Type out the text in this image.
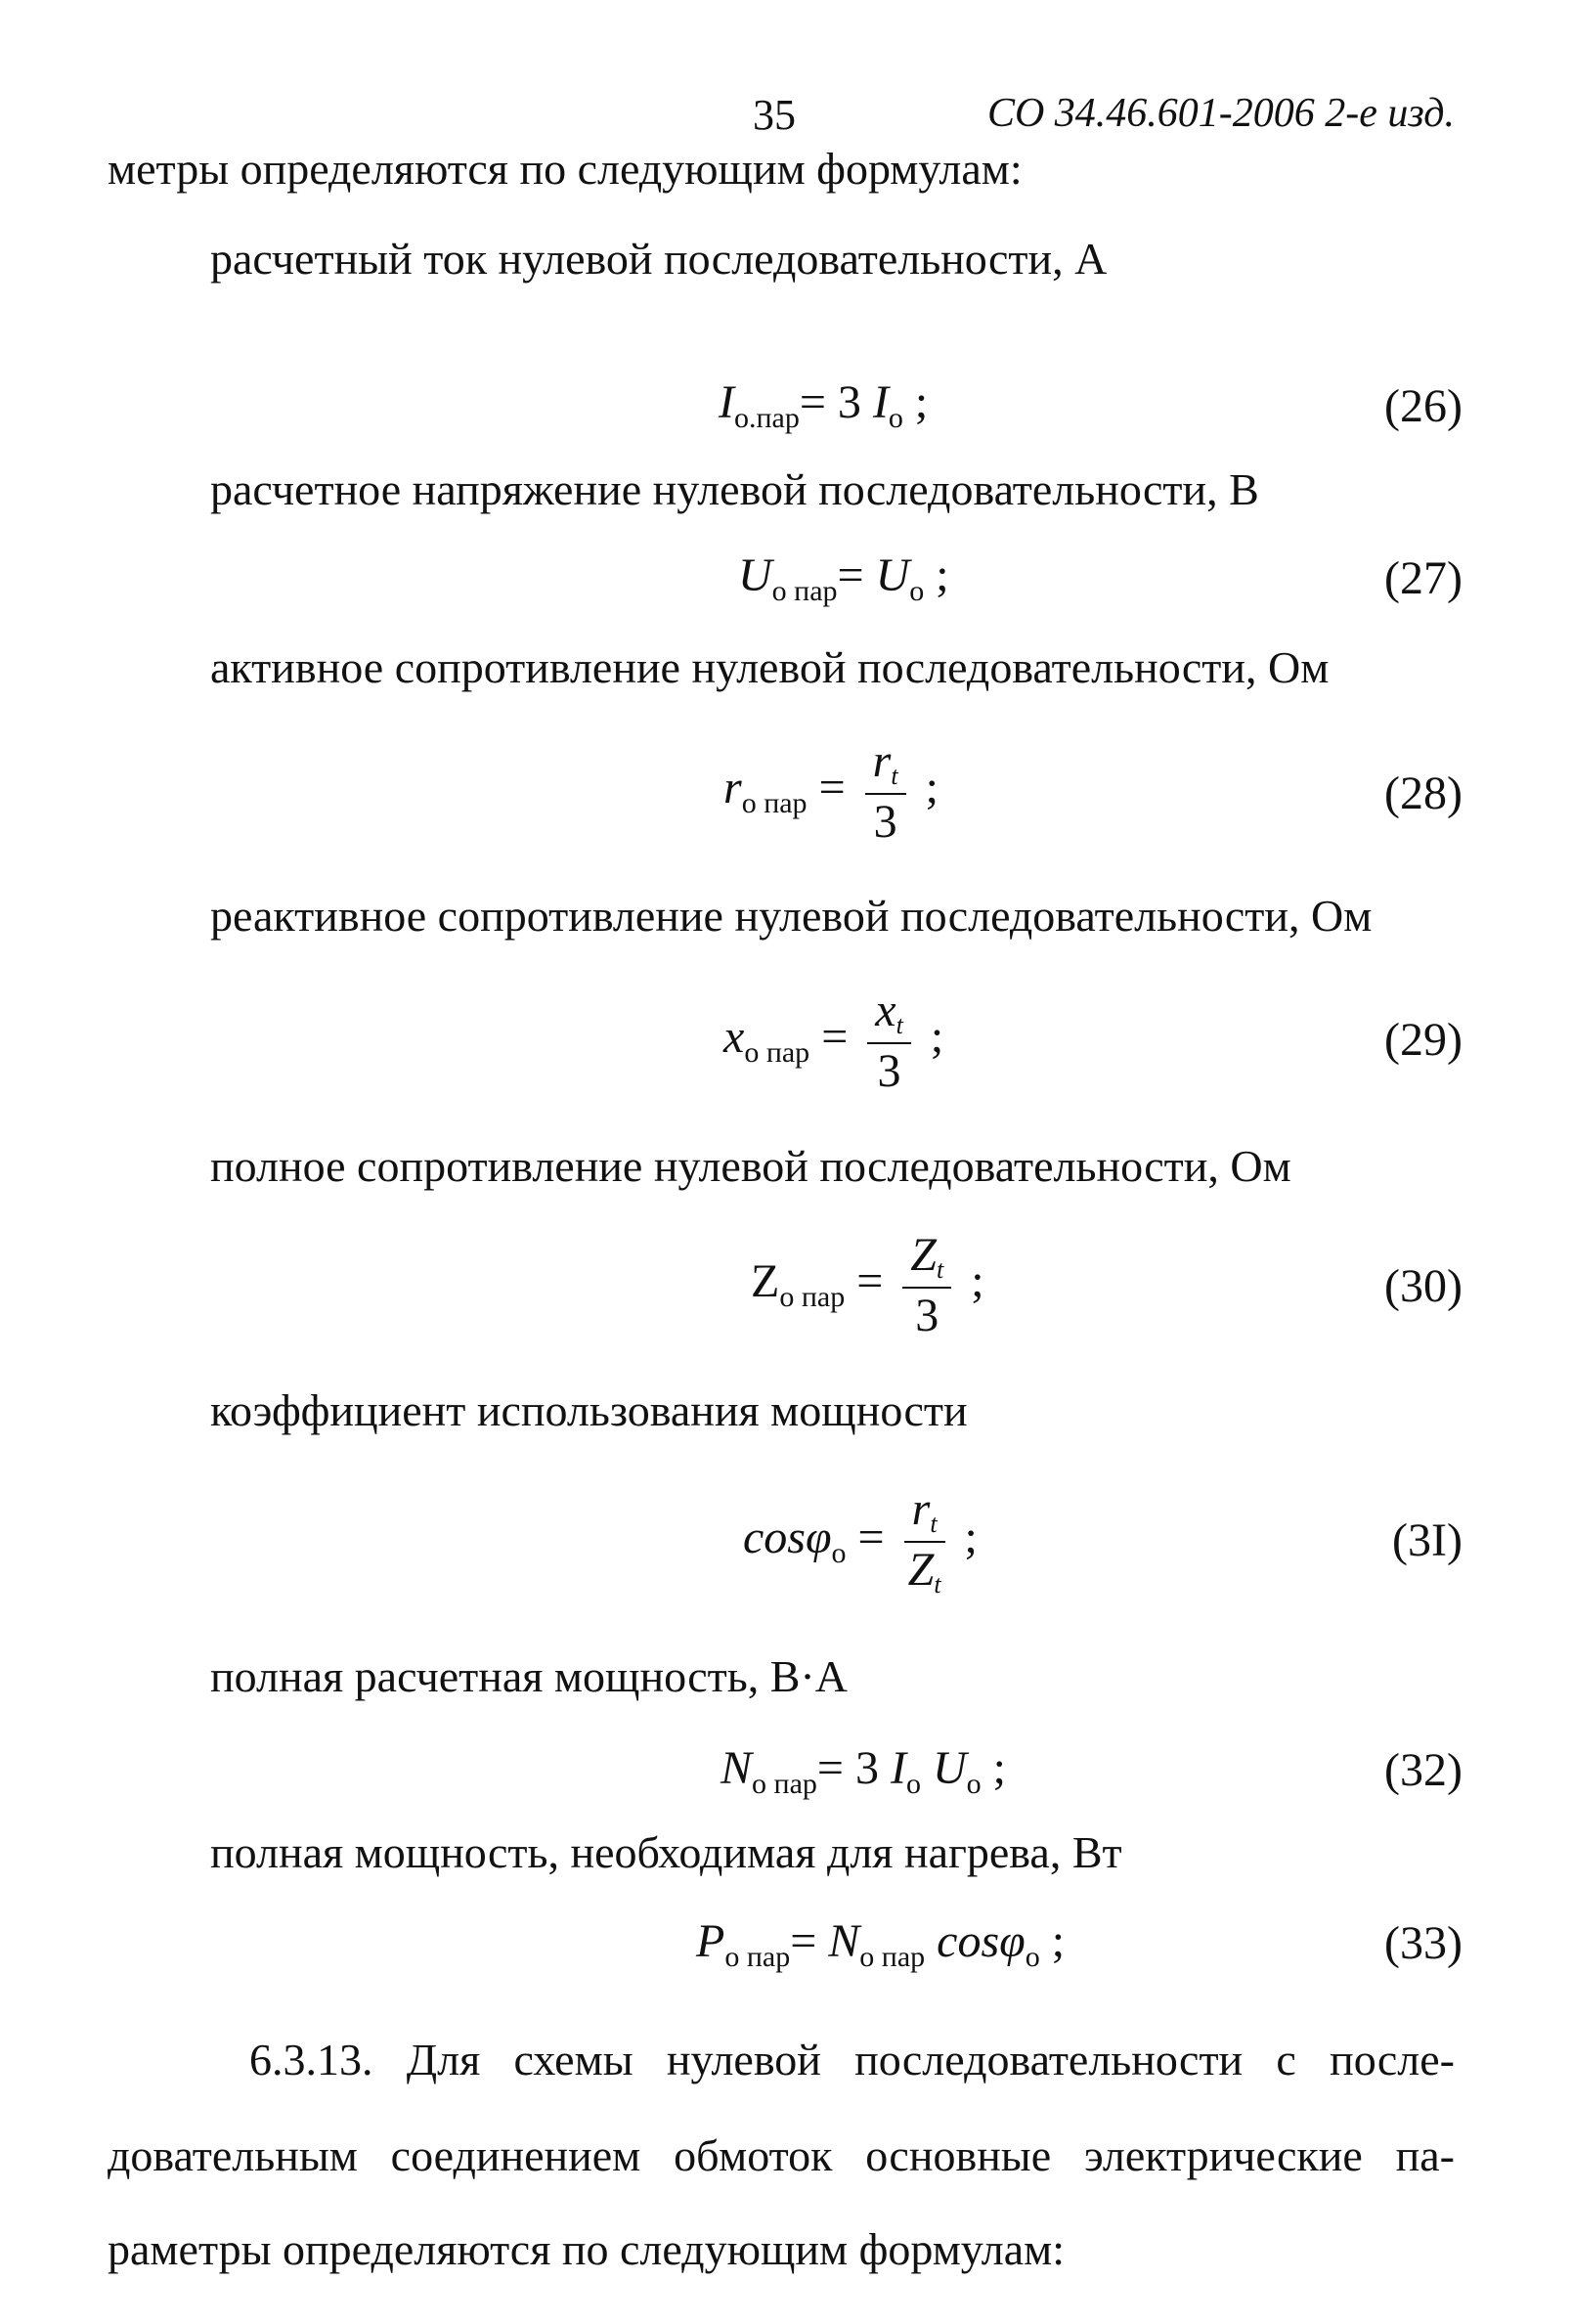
35	СО 34.46.601-2006 2-е изд.
метры определяются по следующим формулам:
расчетный ток нулевой последовательности, А
$I_{о.пар}= 3$ $I_о$ ;	(26)
расчетное напряжение нулевой последовательности, В
$U_{о пар}= U_о$ ;	(27)
активное сопротивление нулевой последовательности, Ом
$r_{о пар} = \frac{rt}{3}$ ;	(28)
реактивное сопротивление нулевой последовательности, Ом
$x_{о пар} = \frac{xt}{3}$ ;	(29)
полное сопротивление нулевой последовательности, Ом
$Z_{о пар} = \frac{Zt}{3}$ ;	(30)
коэффициент использования мощности
$\cos\varphi_о = \frac{rt}{Zt}$ ;	(3I)
полная расчетная мощность, В·А
$N_{о пар}= 3$ $I_о$ $U_о$ ;	(32)
полная мощность, необходимая для нагрева, Вт
$P_{о пар}= N_{о пар}$ cosφ$_о$ ;	(33)
6.3.13. Для схемы нулевой последовательности с после-
довательным соединением обмоток основные электрические па-
раметры определяются по следующим формулам:
